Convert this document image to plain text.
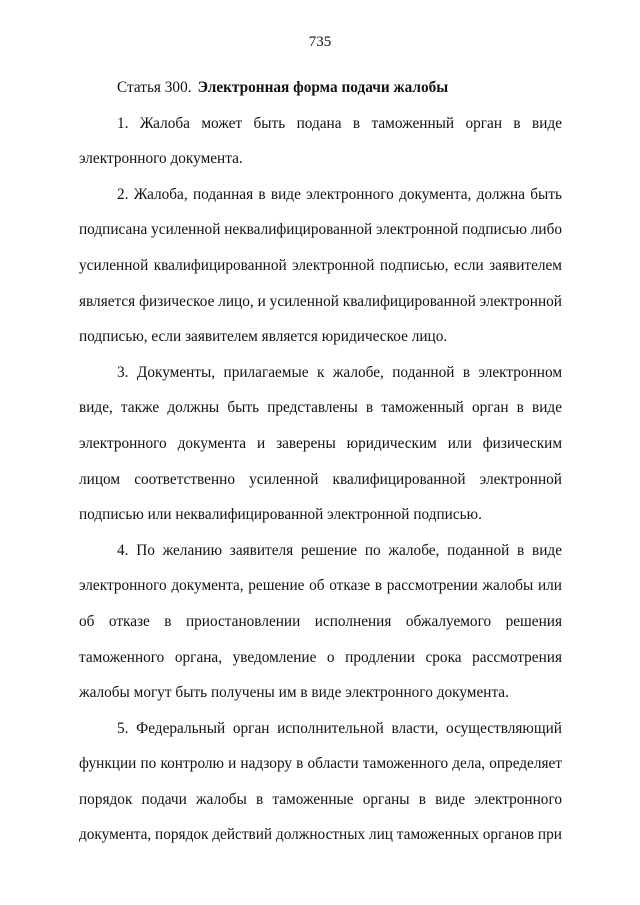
735

Статья 300. Электронная форма подачи жалобы

1. Жалоба может быть подана в таможенный орган в виде электронного документа.

2. Жалоба, поданная в виде электронного документа, должна быть подписана усиленной неквалифицированной электронной подписью либо усиленной квалифицированной электронной подписью, если заявителем является физическое лицо, и усиленной квалифицированной электронной подписью, если заявителем является юридическое лицо.

3. Документы, прилагаемые к жалобе, поданной в электронном виде, также должны быть представлены в таможенный орган в виде электронного документа и заверены юридическим или физическим лицом соответственно усиленной квалифицированной электронной подписью или неквалифицированной электронной подписью.

4. По желанию заявителя решение по жалобе, поданной в виде электронного документа, решение об отказе в рассмотрении жалобы или об отказе в приостановлении исполнения обжалуемого решения таможенного органа, уведомление о продлении срока рассмотрения жалобы могут быть получены им в виде электронного документа.

5. Федеральный орган исполнительной власти, осуществляющий функции по контролю и надзору в области таможенного дела, определяет порядок подачи жалобы в таможенные органы в виде электронного документа, порядок действий должностных лиц таможенных органов при
